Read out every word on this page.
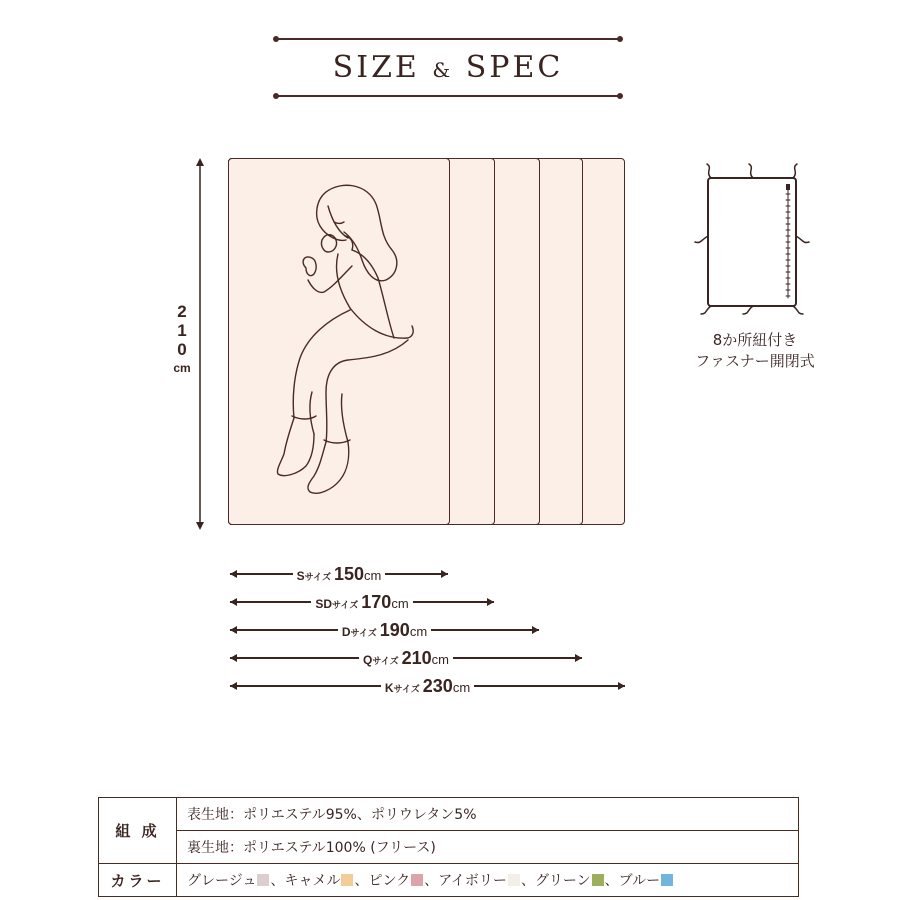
SIZE & SPEC
2
1
0
cm
Sサイズ 150cm
SDサイズ 170cm
Dサイズ 190cm
Qサイズ 210cm
Kサイズ 230cm
8か所紐付き
ファスナー開閉式
組 成	表生地：ポリエステル95%、ポリウレタン5%
	裏生地：ポリエステル100% (フリース)
カラー	グレージュ 、キャメル 、ピンク 、アイボリー 、グリーン 、ブルー
